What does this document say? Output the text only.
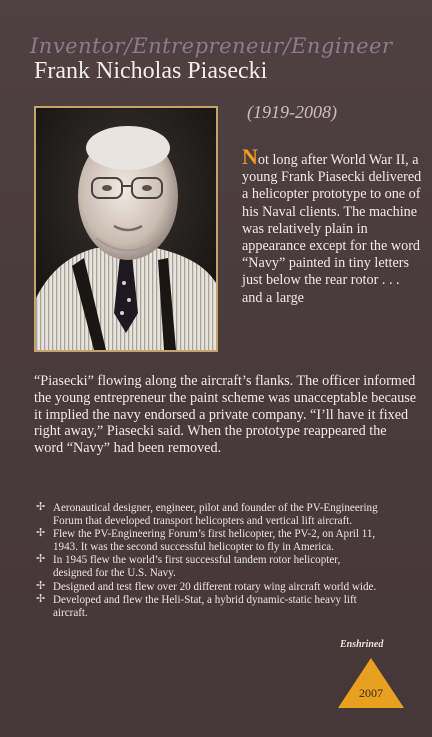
Inventor/Entrepreneur/Engineer
Frank Nicholas Piasecki
(1919-2008)
Not long after World War II, a young Frank Piasecki delivered a helicopter prototype to one of his Naval clients. The machine was relatively plain in appearance except for the word “Navy” painted in tiny letters just below the rear rotor . . . and a large
“Piasecki” flowing along the aircraft’s flanks. The officer informed the young entrepreneur the paint scheme was unacceptable because it implied the navy endorsed a private company. “I’ll have it fixed right away,” Piasecki said. When the prototype reappeared the word “Navy” had been removed.
✢ Aeronautical designer, engineer, pilot and founder of the PV-Engineering Forum that developed transport helicopters and vertical lift aircraft.
✢ Flew the PV-Engineering Forum’s first helicopter, the PV-2, on April 11, 1943. It was the second successful helicopter to fly in America.
✢ In 1945 flew the world’s first successful tandem rotor helicopter, designed for the U.S. Navy.
✢ Designed and test flew over 20 different rotary wing aircraft world wide.
✢ Developed and flew the Heli-Stat, a hybrid dynamic-static heavy lift aircraft.
Enshrined
2007
